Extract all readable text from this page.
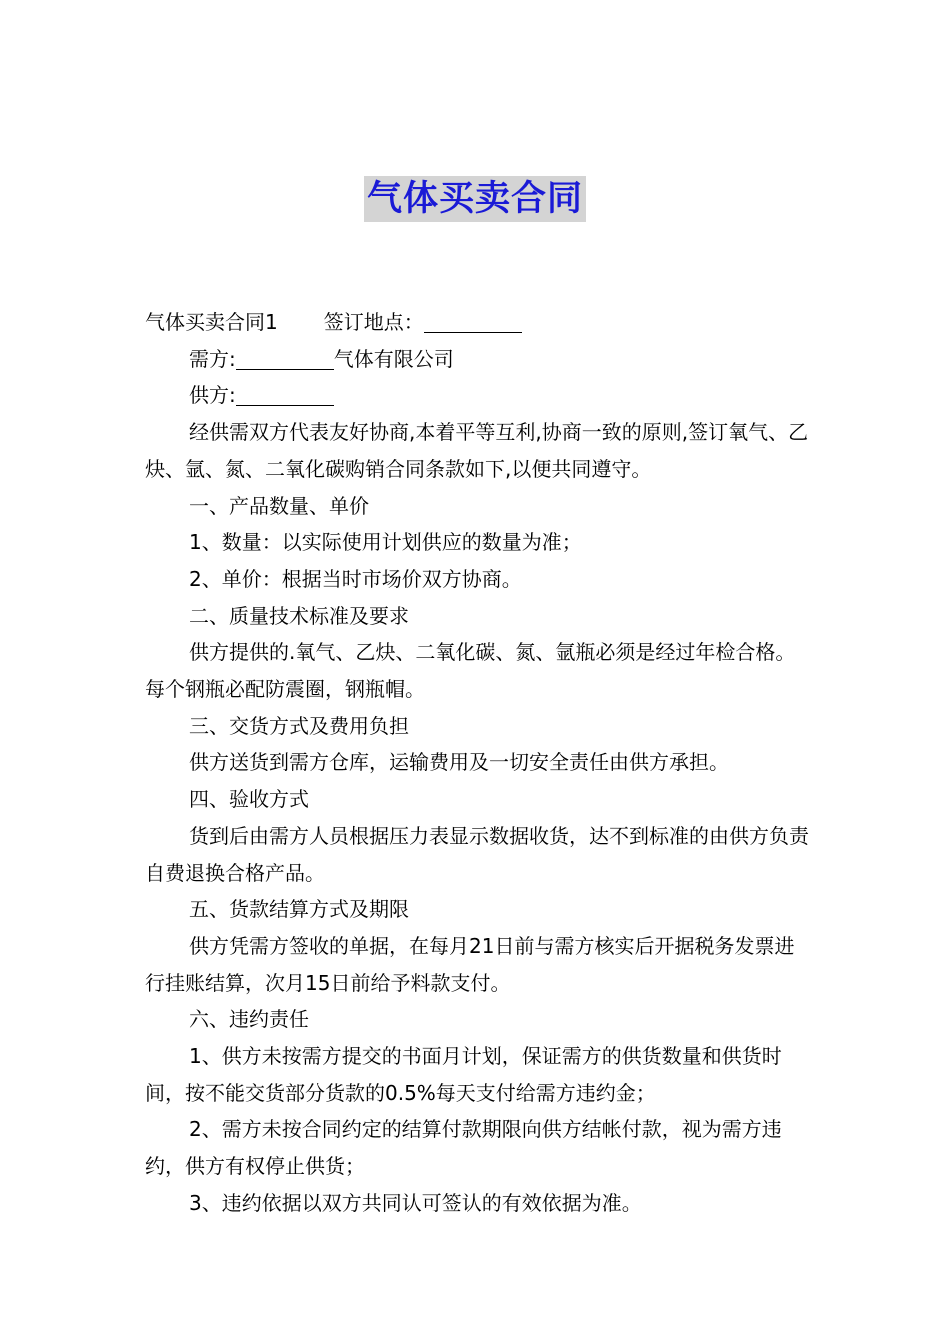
气体买卖合同

气体买卖合同1 签订地点：

需方:	气体有限公司

供方:

经供需双方代表友好协商,本着平等互利,协商一致的原则,签订氧气、乙炔、氩、氮、二氧化碳购销合同条款如下,以便共同遵守。

一、产品数量、单价

1、数量：以实际使用计划供应的数量为准；

2、单价：根据当时市场价双方协商。

二、质量技术标准及要求

供方提供的.氧气、乙炔、二氧化碳、氮、氩瓶必须是经过年检合格。每个钢瓶必配防震圈，钢瓶帽。

三、交货方式及费用负担

供方送货到需方仓库，运输费用及一切安全责任由供方承担。

四、验收方式

货到后由需方人员根据压力表显示数据收货，达不到标准的由供方负责自费退换合格产品。

五、货款结算方式及期限

供方凭需方签收的单据，在每月21日前与需方核实后开据税务发票进行挂账结算，次月15日前给予料款支付。

六、违约责任

1、供方未按需方提交的书面月计划，保证需方的供货数量和供货时间，按不能交货部分货款的0.5%每天支付给需方违约金；

2、需方未按合同约定的结算付款期限向供方结帐付款，视为需方违约，供方有权停止供货；

3、违约依据以双方共同认可签认的有效依据为准。
